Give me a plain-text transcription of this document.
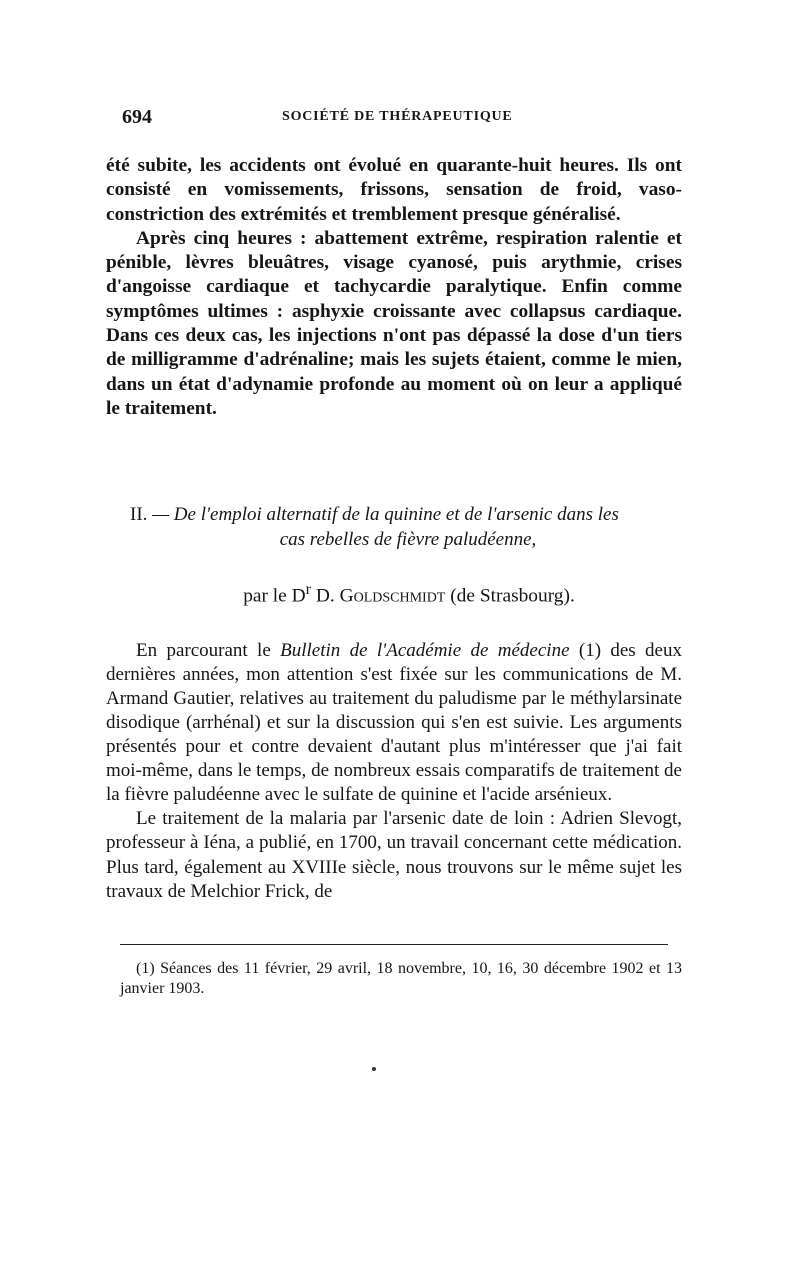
694	SOCIÉTÉ DE THÉRAPEUTIQUE

été subite, les accidents ont évolué en quarante-huit heures. Ils ont consisté en vomissements, frissons, sensation de froid, vaso-constriction des extrémités et tremblement presque généralisé.

Après cinq heures : abattement extrême, respiration ralentie et pénible, lèvres bleuâtres, visage cyanosé, puis arythmie, crises d'angoisse cardiaque et tachycardie paralytique. Enfin comme symptômes ultimes : asphyxie croissante avec collapsus cardiaque. Dans ces deux cas, les injections n'ont pas dépassé la dose d'un tiers de milligramme d'adrénaline; mais les sujets étaient, comme le mien, dans un état d'adynamie profonde au moment où on leur a appliqué le traitement.

II. — De l'emploi alternatif de la quinine et de l'arsenic dans les
cas rebelles de fièvre paludéenne,

par le $D^r$ D. Goldschmidt (de Strasbourg).

En parcourant le Bulletin de l'Académie de médecine (1) des deux dernières années, mon attention s'est fixée sur les communications de M. Armand Gautier, relatives au traitement du paludisme par le méthylarsinate disodique (arrhénal) et sur la discussion qui s'en est suivie. Les arguments présentés pour et contre devaient d'autant plus m'intéresser que j'ai fait moi-même, dans le temps, de nombreux essais comparatifs de traitement de la fièvre paludéenne avec le sulfate de quinine et l'acide arsénieux.

Le traitement de la malaria par l'arsenic date de loin : Adrien Slevogt, professeur à Iéna, a publié, en 1700, un travail concernant cette médication. Plus tard, également au XVIIIe siècle, nous trouvons sur le même sujet les travaux de Melchior Frick, de

(1) Séances des 11 février, 29 avril, 18 novembre, 10, 16, 30 décembre 1902 et 13 janvier 1903.
